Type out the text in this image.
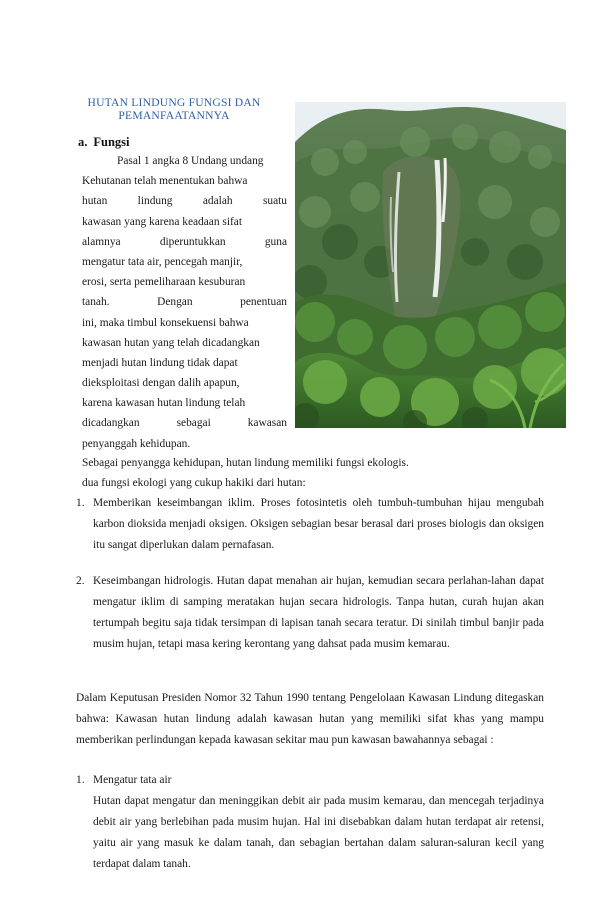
HUTAN LINDUNG FUNGSI DAN
PEMANFAATANNYA
a. Fungsi
Pasal 1 angka 8 Undang undang
Kehutanan telah menentukan bahwa
hutan lindung adalah suatu
kawasan yang karena keadaan sifat
alamnya diperuntukkan guna
mengatur tata air, pencegah manjir,
erosi, serta pemeliharaan kesuburan
tanah. Dengan penentuan
ini, maka timbul konsekuensi bahwa
kawasan hutan yang telah dicadangkan
menjadi hutan lindung tidak dapat
dieksploitasi dengan dalih apapun,
karena kawasan hutan lindung telah
dicadangkan sebagai kawasan
penyanggah kehidupan.
Sebagai penyangga kehidupan, hutan lindung memiliki fungsi ekologis.
dua fungsi ekologi yang cukup hakiki dari hutan:
1. Memberikan keseimbangan iklim. Proses fotosintetis oleh tumbuh-tumbuhan hijau mengubah karbon dioksida menjadi oksigen. Oksigen sebagian besar berasal dari proses biologis dan oksigen itu sangat diperlukan dalam pernafasan.
2. Keseimbangan hidrologis. Hutan dapat menahan air hujan, kemudian secara perlahan-lahan dapat mengatur iklim di samping meratakan hujan secara hidrologis. Tanpa hutan, curah hujan akan tertumpah begitu saja tidak tersimpan di lapisan tanah secara teratur. Di sinilah timbul banjir pada musim hujan, tetapi masa kering kerontang yang dahsat pada musim kemarau.
Dalam Keputusan Presiden Nomor 32 Tahun 1990 tentang Pengelolaan Kawasan Lindung ditegaskan bahwa: Kawasan hutan lindung adalah kawasan hutan yang memiliki sifat khas yang mampu memberikan perlindungan kepada kawasan sekitar mau pun kawasan bawahannya sebagai :
1. Mengatur tata air
Hutan dapat mengatur dan meninggikan debit air pada musim kemarau, dan mencegah terjadinya debit air yang berlebihan pada musim hujan. Hal ini disebabkan dalam hutan terdapat air retensi, yaitu air yang masuk ke dalam tanah, dan sebagian bertahan dalam saluran-saluran kecil yang terdapat dalam tanah.
